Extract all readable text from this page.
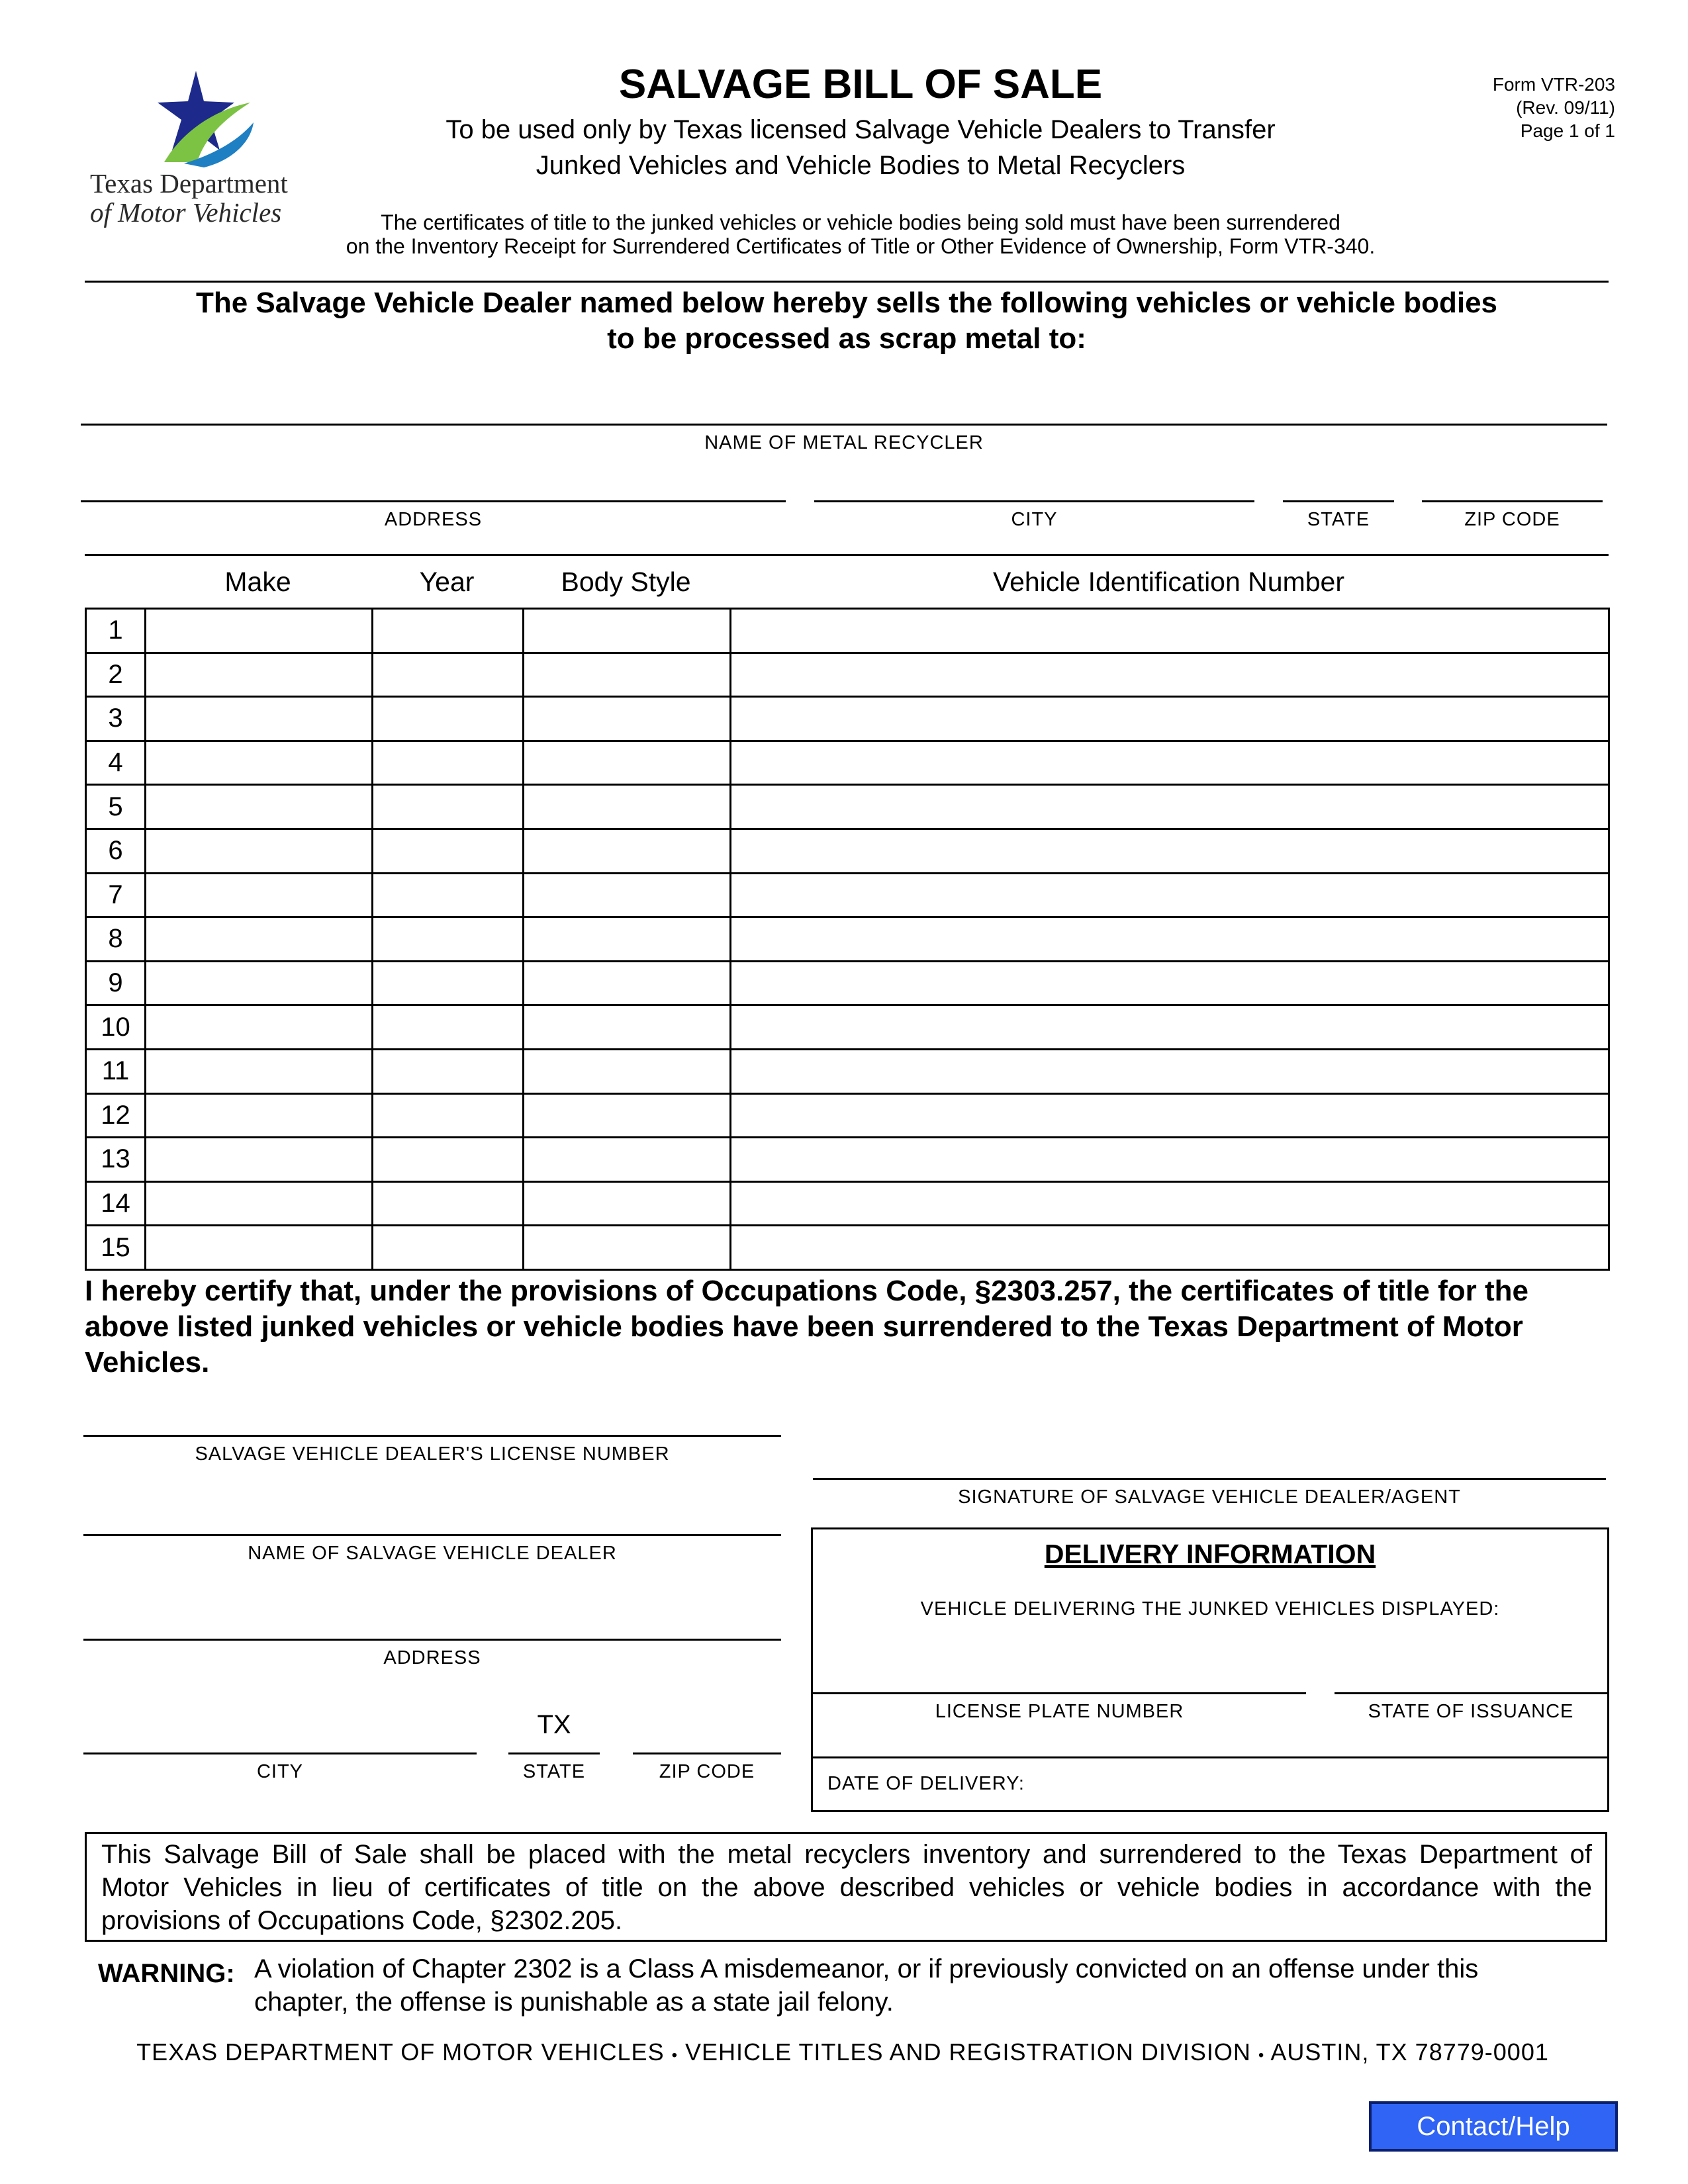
Texas Department
of Motor Vehicles
SALVAGE BILL OF SALE
To be used only by Texas licensed Salvage Vehicle Dealers to Transfer
Junked Vehicles and Vehicle Bodies to Metal Recyclers
The certificates of title to the junked vehicles or vehicle bodies being sold must have been surrendered
on the Inventory Receipt for Surrendered Certificates of Title or Other Evidence of Ownership, Form VTR-340.
Form VTR-203
(Rev. 09/11)
Page 1 of 1
The Salvage Vehicle Dealer named below hereby sells the following vehicles or vehicle bodies
to be processed as scrap metal to:
NAME OF METAL RECYCLER
ADDRESS	CITY	STATE	ZIP CODE
Make	Year	Body Style	Vehicle Identification Number
1				
2				
3				
4				
5				
6				
7				
8				
9				
10				
11				
12				
13				
14				
15				
I hereby certify that, under the provisions of Occupations Code, §2303.257, the certificates of title for the
above listed junked vehicles or vehicle bodies have been surrendered to the Texas Department of Motor
Vehicles.
SALVAGE VEHICLE DEALER'S LICENSE NUMBER
SIGNATURE OF SALVAGE VEHICLE DEALER/AGENT
NAME OF SALVAGE VEHICLE DEALER
ADDRESS
CITY
TX
STATE	ZIP CODE
DELIVERY INFORMATION
VEHICLE DELIVERING THE JUNKED VEHICLES DISPLAYED:
LICENSE PLATE NUMBER	STATE OF ISSUANCE
DATE OF DELIVERY:
This Salvage Bill of Sale shall be placed with the metal recyclers inventory and surrendered to the Texas Department of
Motor Vehicles in lieu of certificates of title on the above described vehicles or vehicle bodies in accordance with the
provisions of Occupations Code, §2302.205.
WARNING: A violation of Chapter 2302 is a Class A misdemeanor, or if previously convicted on an offense under this
chapter, the offense is punishable as a state jail felony.
TEXAS DEPARTMENT OF MOTOR VEHICLES • VEHICLE TITLES AND REGISTRATION DIVISION • AUSTIN, TX 78779-0001
Contact/Help
